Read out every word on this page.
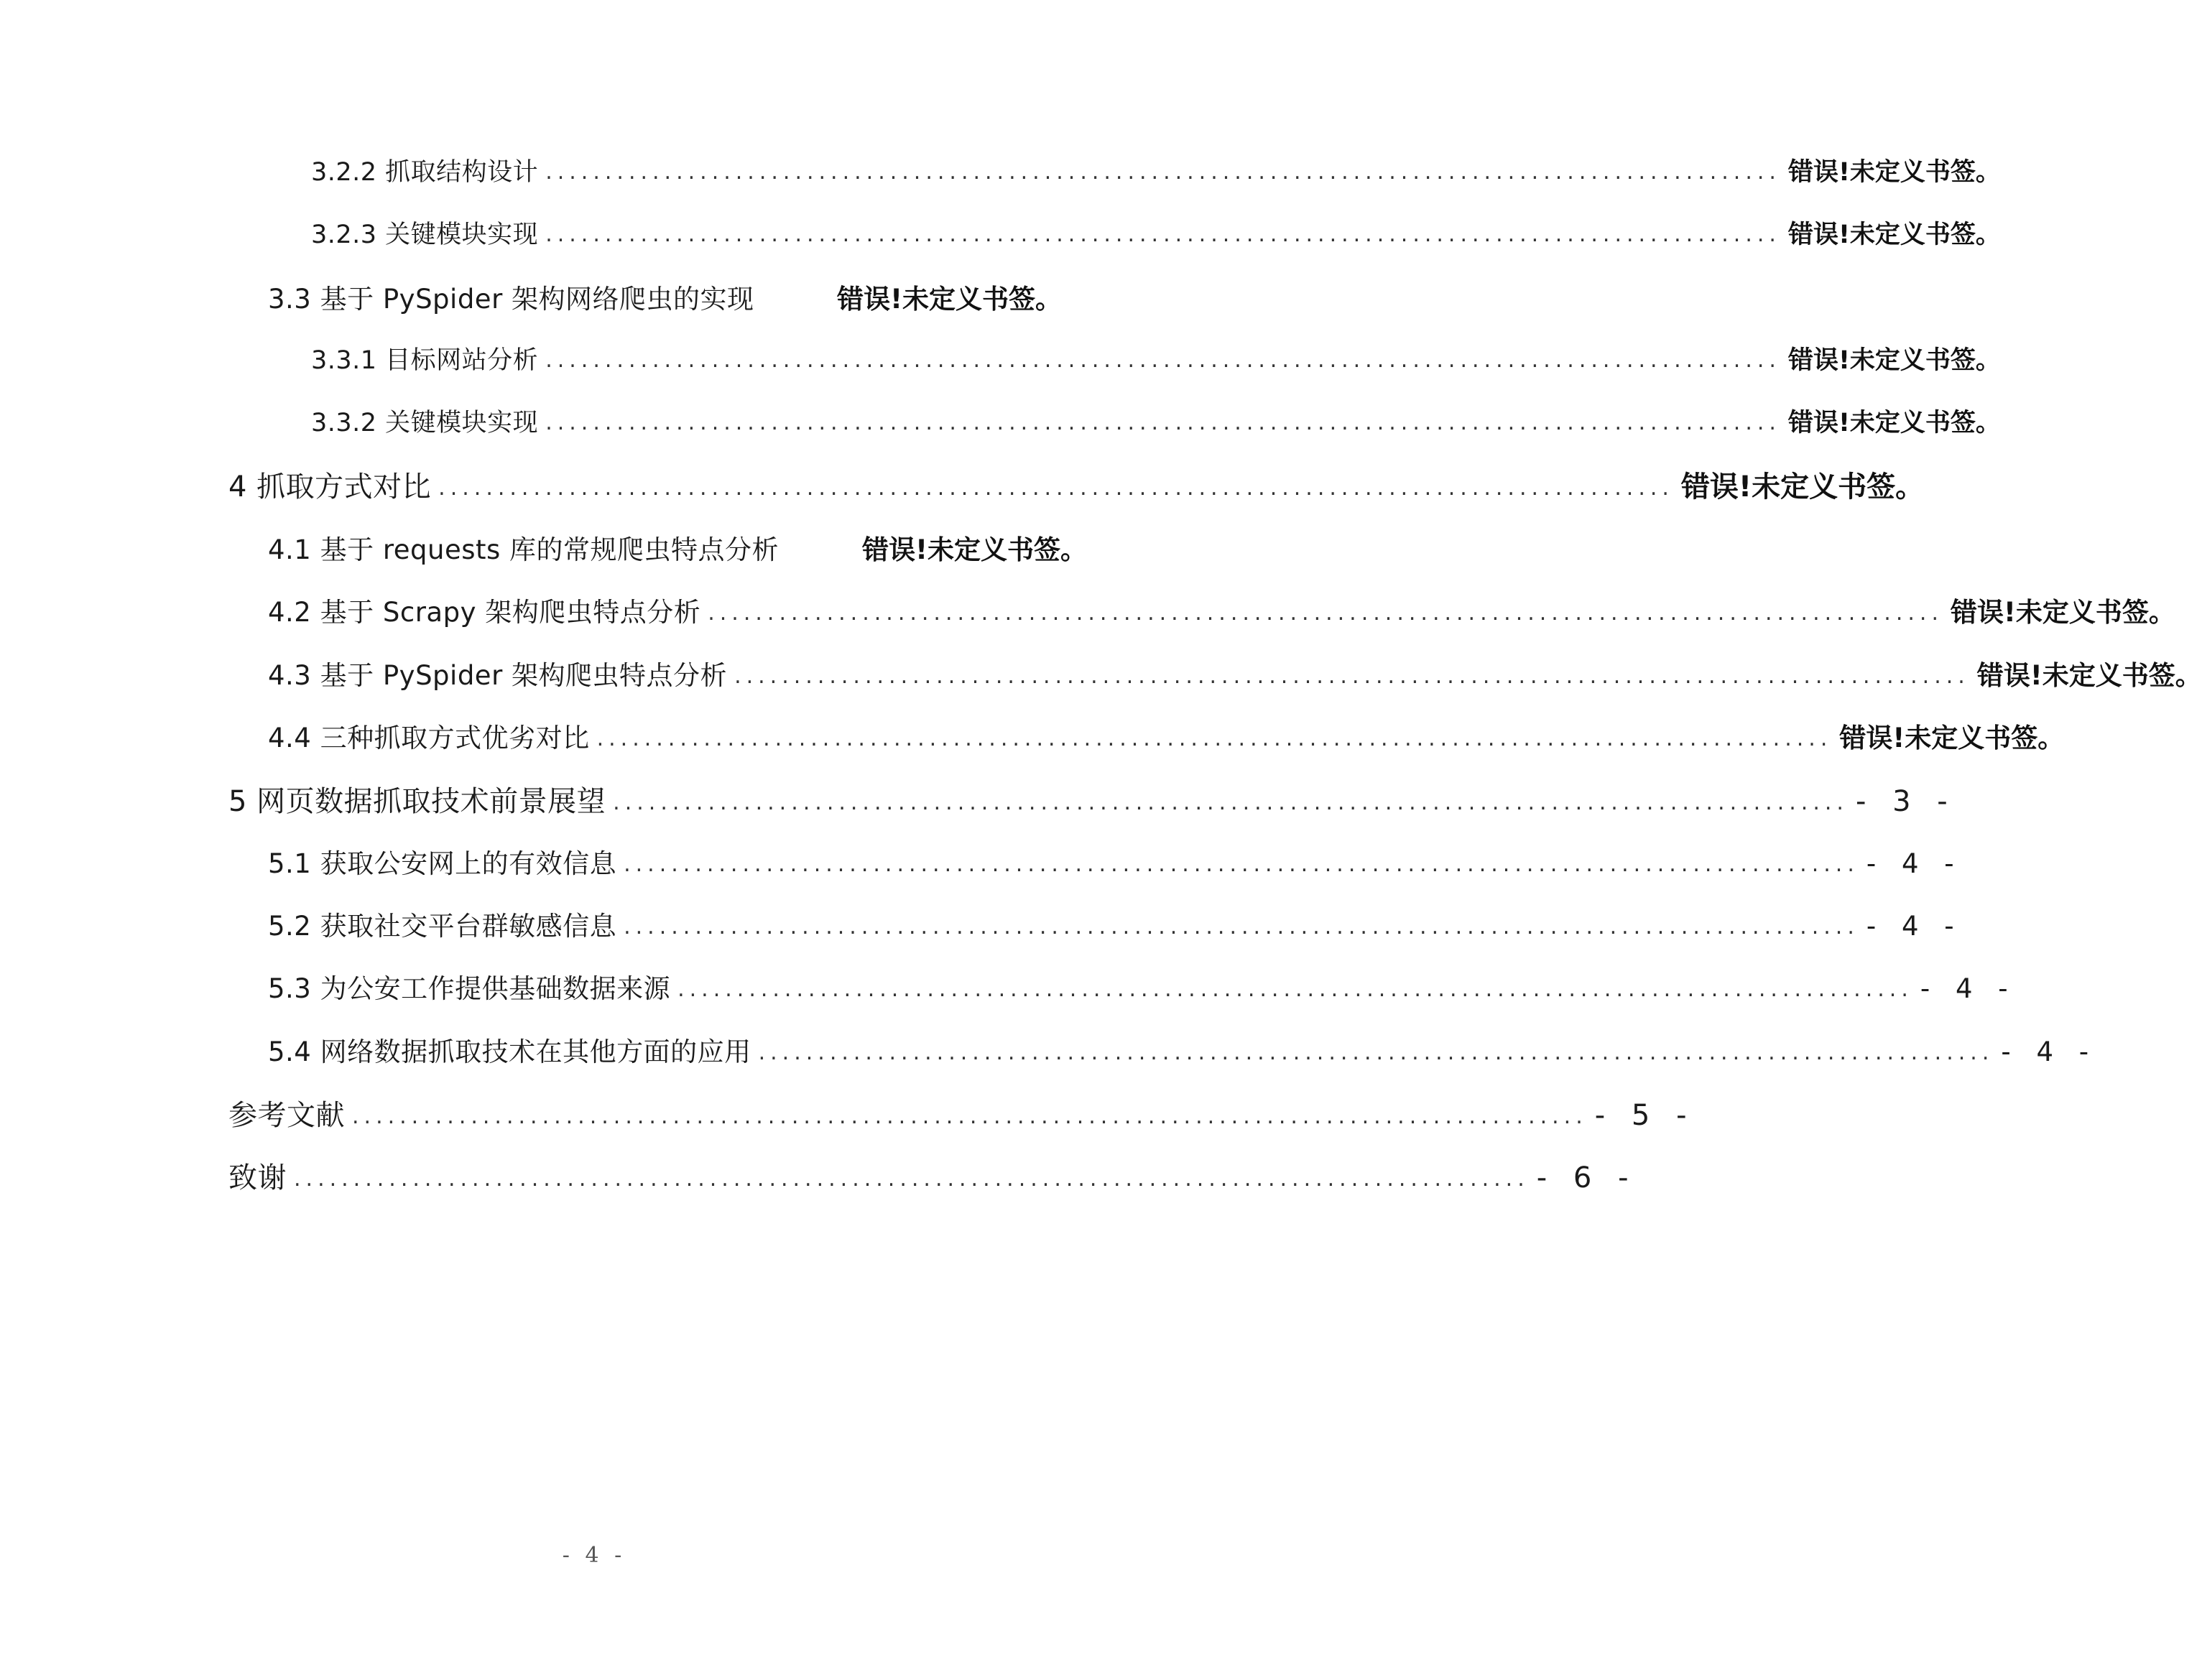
3.2.2 抓取结构设计 ........................................................................................................ 错误!未定义书签。
3.2.3 关键模块实现 ........................................................................................................ 错误!未定义书签。
3.3 基于 PySpider 架构网络爬虫的实现	错误!未定义书签。
3.3.1 目标网站分析 ........................................................................................................ 错误!未定义书签。
3.3.2 关键模块实现 ........................................................................................................ 错误!未定义书签。
4 抓取方式对比 ........................................................................................................ 错误!未定义书签。
4.1 基于 requests 库的常规爬虫特点分析	错误!未定义书签。
4.2 基于 Scrapy 架构爬虫特点分析 ........................................................................................................ 错误!未定义书签。
4.3 基于 PySpider 架构爬虫特点分析 ........................................................................................................ 错误!未定义书签。
4.4 三种抓取方式优劣对比 ........................................................................................................ 错误!未定义书签。
5 网页数据抓取技术前景展望 ........................................................................................................ - 3 -
5.1 获取公安网上的有效信息 ........................................................................................................ - 4 -
5.2 获取社交平台群敏感信息 ........................................................................................................ - 4 -
5.3 为公安工作提供基础数据来源 ........................................................................................................ - 4 -
5.4 网络数据抓取技术在其他方面的应用 ........................................................................................................ - 4 -
参考文献 ........................................................................................................ - 5 -
致谢 ........................................................................................................ - 6 -
- 4 -
